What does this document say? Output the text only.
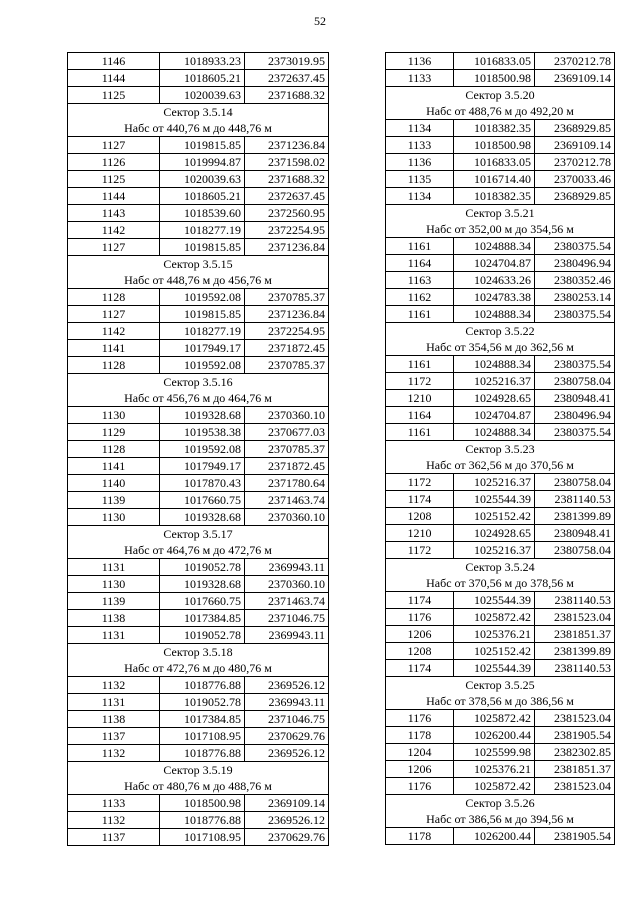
52
1146	1018933.23	2373019.95
1144	1018605.21	2372637.45
1125	1020039.63	2371688.32
Сектор 3.5.14		
Набс от 440,76 м до 448,76 м		
1127	1019815.85	2371236.84
1126	1019994.87	2371598.02
1125	1020039.63	2371688.32
1144	1018605.21	2372637.45
1143	1018539.60	2372560.95
1142	1018277.19	2372254.95
1127	1019815.85	2371236.84
Сектор 3.5.15		
Набс от 448,76 м до 456,76 м		
1128	1019592.08	2370785.37
1127	1019815.85	2371236.84
1142	1018277.19	2372254.95
1141	1017949.17	2371872.45
1128	1019592.08	2370785.37
Сектор 3.5.16		
Набс от 456,76 м до 464,76 м		
1130	1019328.68	2370360.10
1129	1019538.38	2370677.03
1128	1019592.08	2370785.37
1141	1017949.17	2371872.45
1140	1017870.43	2371780.64
1139	1017660.75	2371463.74
1130	1019328.68	2370360.10
Сектор 3.5.17		
Набс от 464,76 м до 472,76 м		
1131	1019052.78	2369943.11
1130	1019328.68	2370360.10
1139	1017660.75	2371463.74
1138	1017384.85	2371046.75
1131	1019052.78	2369943.11
Сектор 3.5.18		
Набс от 472,76 м до 480,76 м		
1132	1018776.88	2369526.12
1131	1019052.78	2369943.11
1138	1017384.85	2371046.75
1137	1017108.95	2370629.76
1132	1018776.88	2369526.12
Сектор 3.5.19		
Набс от 480,76 м до 488,76 м		
1133	1018500.98	2369109.14
1132	1018776.88	2369526.12
1137	1017108.95	2370629.76
1136	1016833.05	2370212.78
1133	1018500.98	2369109.14
Сектор 3.5.20		
Набс от 488,76 м до 492,20 м		
1134	1018382.35	2368929.85
1133	1018500.98	2369109.14
1136	1016833.05	2370212.78
1135	1016714.40	2370033.46
1134	1018382.35	2368929.85
Сектор 3.5.21		
Набс от 352,00 м до 354,56 м		
1161	1024888.34	2380375.54
1164	1024704.87	2380496.94
1163	1024633.26	2380352.46
1162	1024783.38	2380253.14
1161	1024888.34	2380375.54
Сектор 3.5.22		
Набс от 354,56 м до 362,56 м		
1161	1024888.34	2380375.54
1172	1025216.37	2380758.04
1210	1024928.65	2380948.41
1164	1024704.87	2380496.94
1161	1024888.34	2380375.54
Сектор 3.5.23		
Набс от 362,56 м до 370,56 м		
1172	1025216.37	2380758.04
1174	1025544.39	2381140.53
1208	1025152.42	2381399.89
1210	1024928.65	2380948.41
1172	1025216.37	2380758.04
Сектор 3.5.24		
Набс от 370,56 м до 378,56 м		
1174	1025544.39	2381140.53
1176	1025872.42	2381523.04
1206	1025376.21	2381851.37
1208	1025152.42	2381399.89
1174	1025544.39	2381140.53
Сектор 3.5.25		
Набс от 378,56 м до 386,56 м		
1176	1025872.42	2381523.04
1178	1026200.44	2381905.54
1204	1025599.98	2382302.85
1206	1025376.21	2381851.37
1176	1025872.42	2381523.04
Сектор 3.5.26		
Набс от 386,56 м до 394,56 м		
1178	1026200.44	2381905.54
